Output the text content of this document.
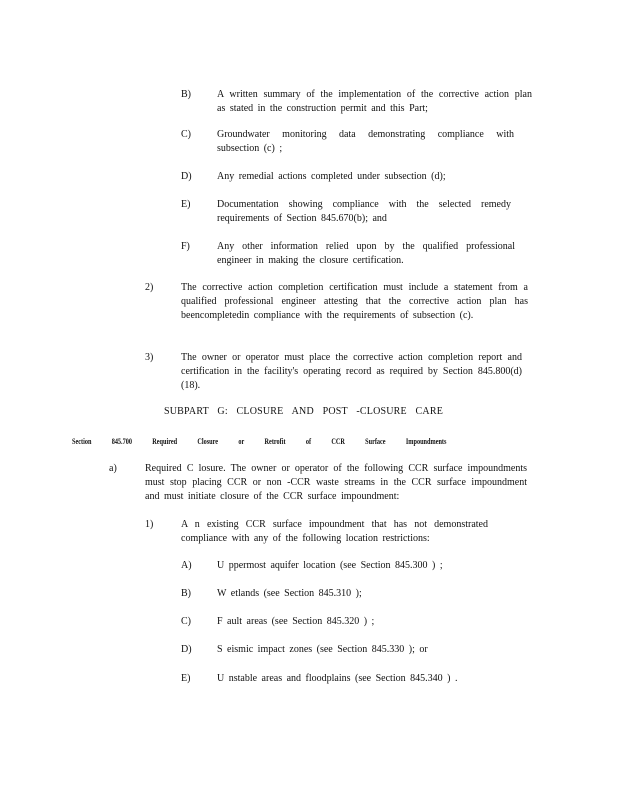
B)	A written summary of the implementation of the corrective action plan as stated in the construction permit and this Part;
C)	Groundwater monitoring data demonstrating compliance with subsection (c) ;
D)	Any remedial actions completed under subsection (d);
E)	Documentation showing compliance with the selected remedy requirements of Section 845.670(b); and
F)	Any other information relied upon by the qualified professional engineer in making the closure certification.
2)	The corrective action completion certification must include a statement from a qualified professional engineer attesting that the corrective action plan has beencompletedin compliance with the requirements of subsection (c).
3)	The owner or operator must place the corrective action completion report and certification in the facility's operating record as required by Section 845.800(d)(18).
SUBPART G: CLOSURE AND POST -CLOSURE CARE
Section	845.700	Required	Closure	or	Retrofit	of	CCR	Surface	Impoundments
a)	Required C losure. The owner or operator of the following CCR surface impoundments must stop placing CCR or non -CCR waste streams in the CCR surface impoundment and must initiate closure of the CCR surface impoundment:
1)	A n existing CCR surface impoundment that has not demonstrated compliance with any of the following location restrictions:
A)	U ppermost aquifer location (see Section 845.300 ) ;
B)	W etlands (see Section 845.310 );
C)	F ault areas (see Section 845.320 ) ;
D)	S eismic impact zones (see Section 845.330 ); or
E)	U nstable areas and floodplains (see Section 845.340 ) .
